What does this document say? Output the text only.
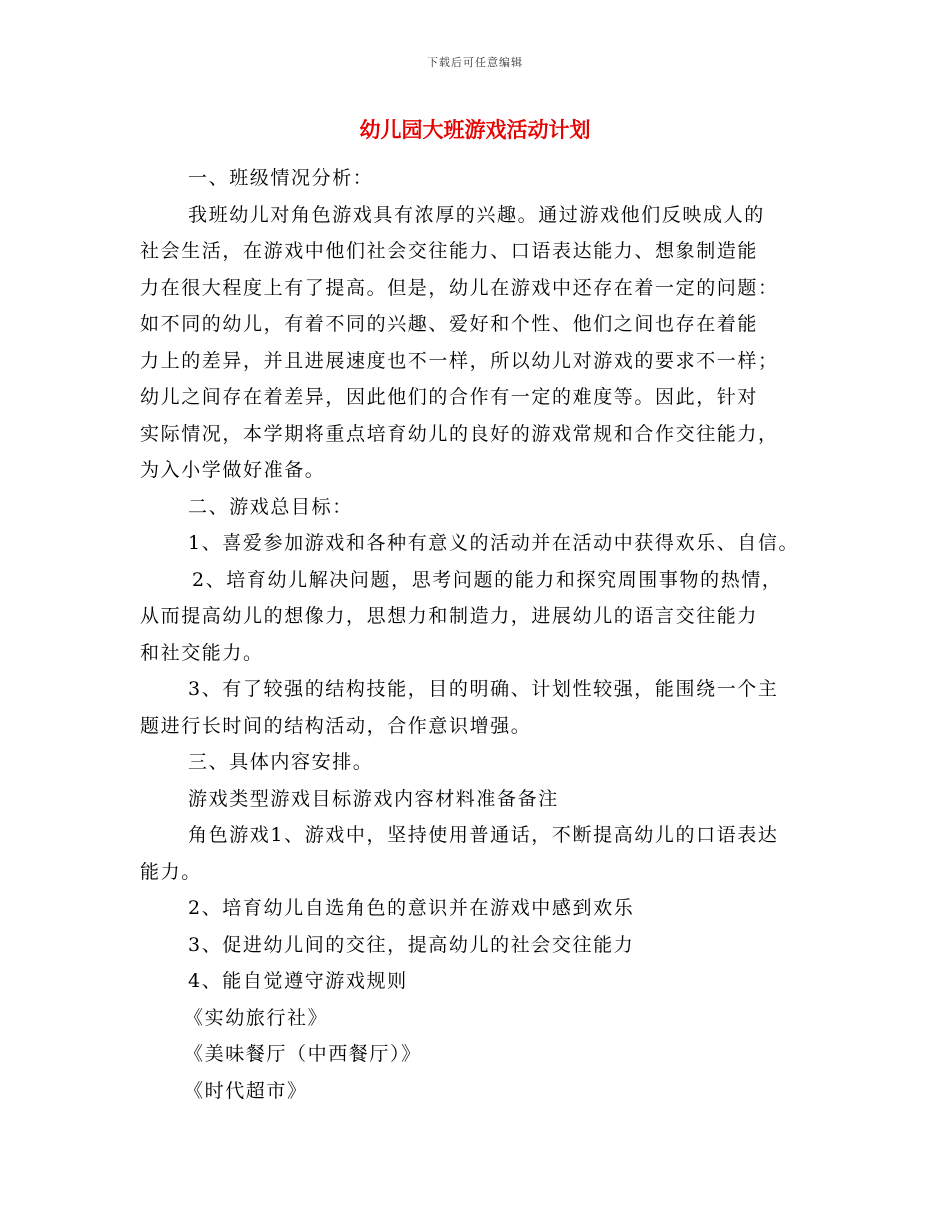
下载后可任意编辑
幼儿园大班游戏活动计划

一、班级情况分析：

我班幼儿对角色游戏具有浓厚的兴趣。通过游戏他们反映成人的

社会生活，在游戏中他们社会交往能力、口语表达能力、想象制造能

力在很大程度上有了提高。但是，幼儿在游戏中还存在着一定的问题：

如不同的幼儿，有着不同的兴趣、爱好和个性、他们之间也存在着能

力上的差异，并且进展速度也不一样，所以幼儿对游戏的要求不一样；

幼儿之间存在着差异，因此他们的合作有一定的难度等。因此，针对

实际情况，本学期将重点培育幼儿的良好的游戏常规和合作交往能力，

为入小学做好准备。

二、游戏总目标：

1、喜爱参加游戏和各种有意义的活动并在活动中获得欢乐、自信。

2、培育幼儿解决问题，思考问题的能力和探究周围事物的热情，

从而提高幼儿的想像力，思想力和制造力，进展幼儿的语言交往能力

和社交能力。

3、有了较强的结构技能，目的明确、计划性较强，能围绕一个主

题进行长时间的结构活动，合作意识增强。

三、具体内容安排。

游戏类型游戏目标游戏内容材料准备备注

角色游戏1、游戏中，坚持使用普通话，不断提高幼儿的口语表达

能力。

2、培育幼儿自选角色的意识并在游戏中感到欢乐

3、促进幼儿间的交往，提高幼儿的社会交往能力

4、能自觉遵守游戏规则

《实幼旅行社》

《美味餐厅（中西餐厅）》

《时代超市》
